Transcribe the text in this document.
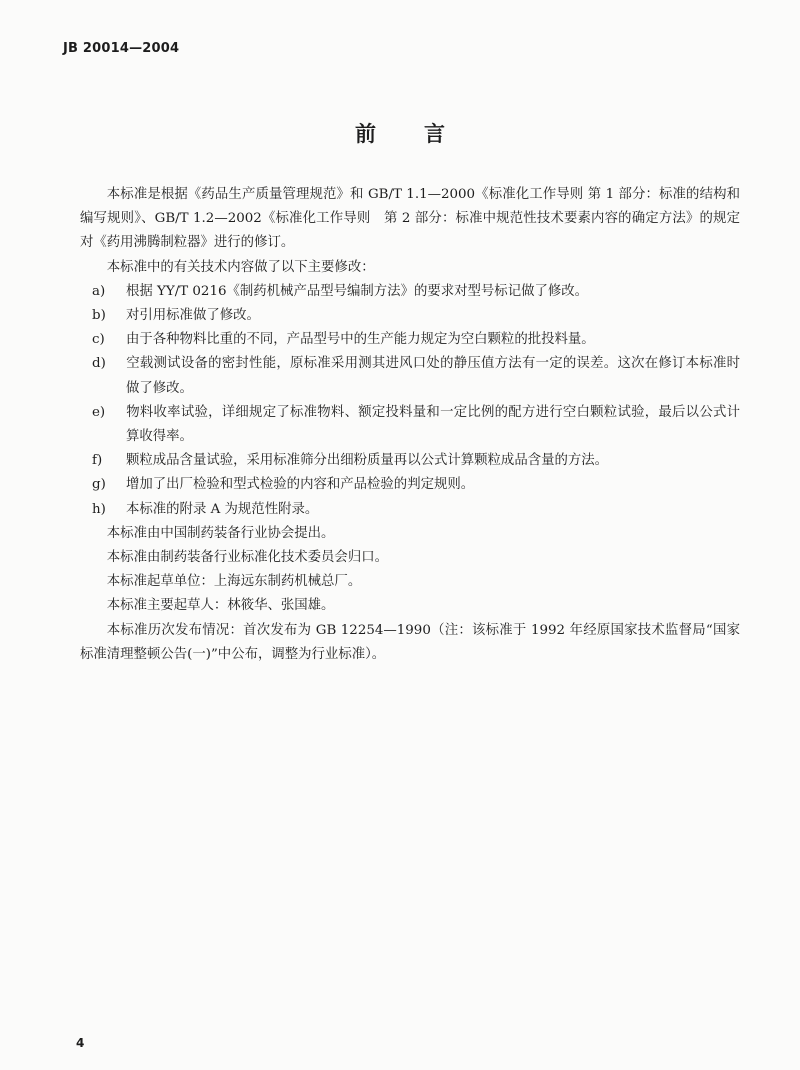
JB 20014—2004
前 言

本标准是根据《药品生产质量管理规范》和 GB/T 1.1—2000《标准化工作导则 第 1 部分：标准的结构和编写规则》、GB/T 1.2—2002《标准化工作导则　第 2 部分：标准中规范性技术要素内容的确定方法》的规定对《药用沸腾制粒器》进行的修订。

本标准中的有关技术内容做了以下主要修改：

a) 根据 YY/T 0216《制药机械产品型号编制方法》的要求对型号标记做了修改。

b) 对引用标准做了修改。

c) 由于各种物料比重的不同，产品型号中的生产能力规定为空白颗粒的批投料量。

d) 空载测试设备的密封性能，原标准采用测其进风口处的静压值方法有一定的误差。这次在修订本标准时做了修改。

e) 物料收率试验，详细规定了标准物料、额定投料量和一定比例的配方进行空白颗粒试验，最后以公式计算收得率。

f) 颗粒成品含量试验，采用标准筛分出细粉质量再以公式计算颗粒成品含量的方法。

g) 增加了出厂检验和型式检验的内容和产品检验的判定规则。

h) 本标准的附录 A 为规范性附录。

本标准由中国制药装备行业协会提出。

本标准由制药装备行业标准化技术委员会归口。

本标准起草单位：上海远东制药机械总厂。

本标准主要起草人：林筱华、张国雄。

本标准历次发布情况：首次发布为 GB 12254—1990（注：该标准于 1992 年经原国家技术监督局“国家标准清理整顿公告(一)”中公布，调整为行业标准）。

4
